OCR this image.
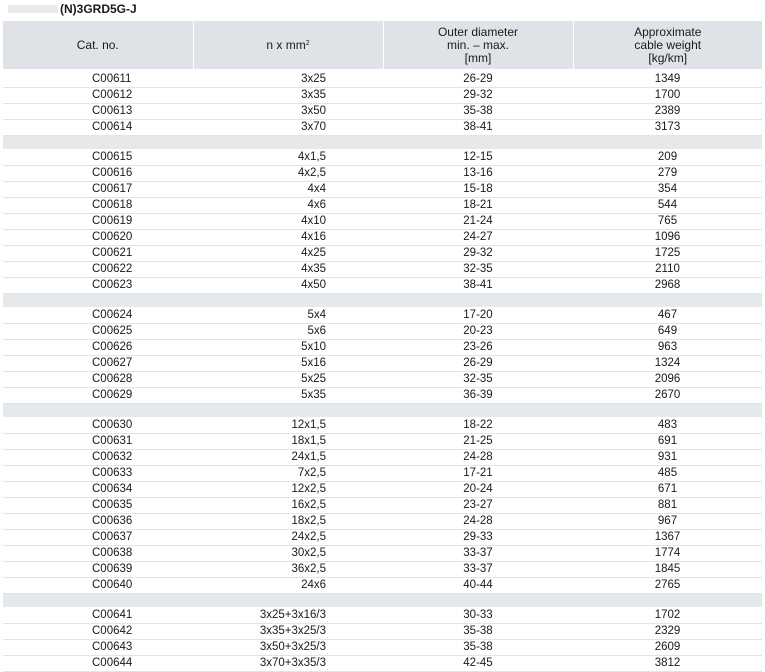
(N)3GRD5G-J
Cat. no.	n x $mm^2$	Outer diameter
min. – max.
[mm]	Approximate
cable weight
[kg/km]
C00611	3x25	26-29	1349
C00612	3x35	29-32	1700
C00613	3x50	35-38	2389
C00614	3x70	38-41	3173

C00615	4x1,5	12-15	209
C00616	4x2,5	13-16	279
C00617	4x4	15-18	354
C00618	4x6	18-21	544
C00619	4x10	21-24	765
C00620	4x16	24-27	1096
C00621	4x25	29-32	1725
C00622	4x35	32-35	2110
C00623	4x50	38-41	2968

C00624	5x4	17-20	467
C00625	5x6	20-23	649
C00626	5x10	23-26	963
C00627	5x16	26-29	1324
C00628	5x25	32-35	2096
C00629	5x35	36-39	2670

C00630	12x1,5	18-22	483
C00631	18x1,5	21-25	691
C00632	24x1,5	24-28	931
C00633	7x2,5	17-21	485
C00634	12x2,5	20-24	671
C00635	16x2,5	23-27	881
C00636	18x2,5	24-28	967
C00637	24x2,5	29-33	1367
C00638	30x2,5	33-37	1774
C00639	36x2,5	33-37	1845
C00640	24x6	40-44	2765

C00641	3x25+3x16/3	30-33	1702
C00642	3x35+3x25/3	35-38	2329
C00643	3x50+3x25/3	35-38	2609
C00644	3x70+3x35/3	42-45	3812
